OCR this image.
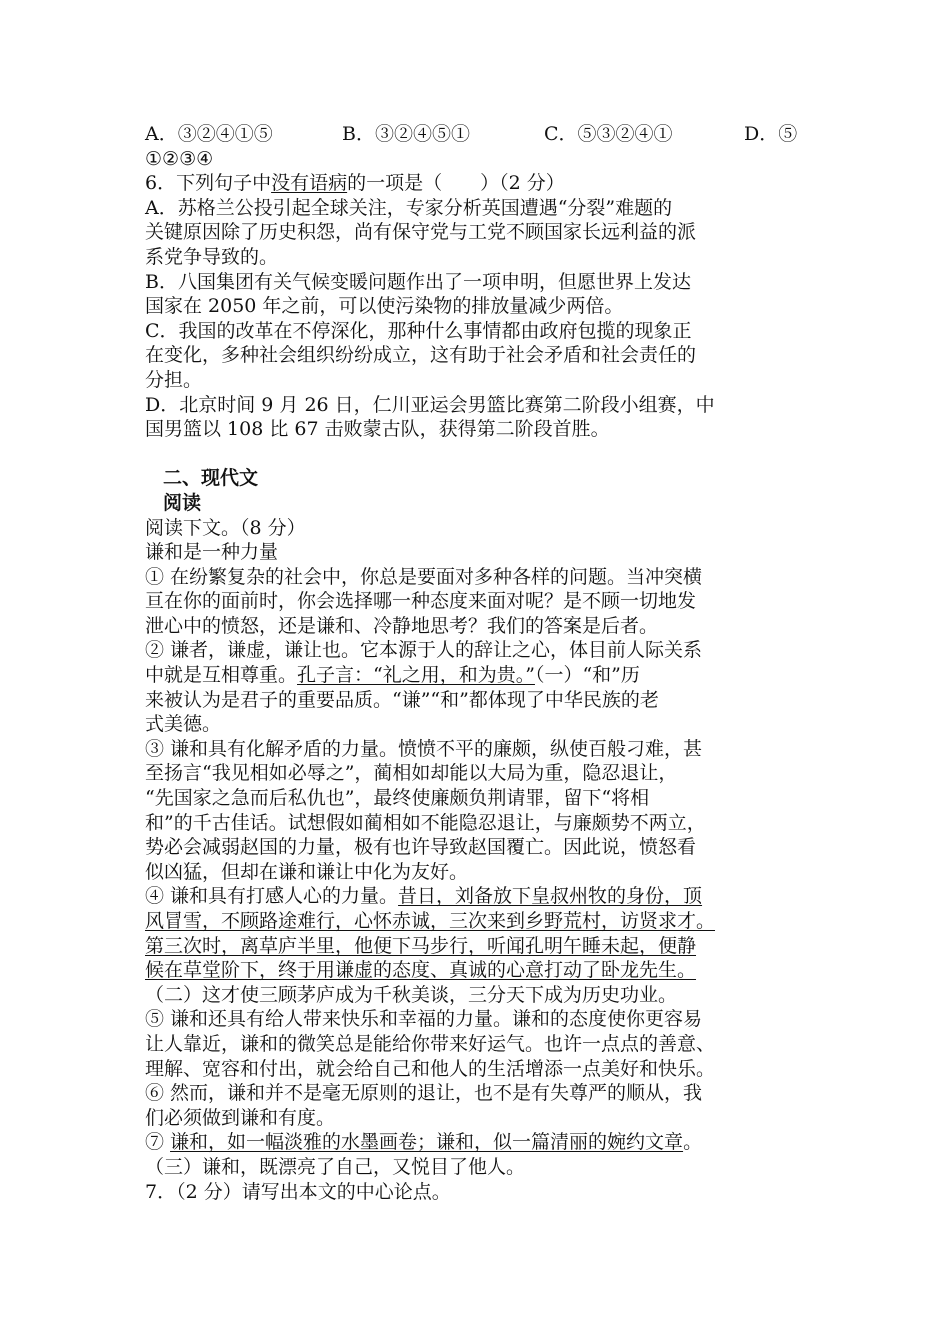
A．③②④①⑤	B．③②④⑤①	C．⑤③②④①	D．⑤
①②③④
6．下列句子中没有语病的一项是（　　）（2 分）
A．苏格兰公投引起全球关注，专家分析英国遭遇“分裂”难题的
关键原因除了历史积怨，尚有保守党与工党不顾国家长远利益的派
系党争导致的。
B．八国集团有关气候变暖问题作出了一项申明，但愿世界上发达
国家在 2050 年之前，可以使污染物的排放量减少两倍。
C．我国的改革在不停深化，那种什么事情都由政府包揽的现象正
在变化，多种社会组织纷纷成立，这有助于社会矛盾和社会责任的
分担。
D．北京时间 9 月 26 日，仁川亚运会男篮比赛第二阶段小组赛，中
国男篮以 108 比 67 击败蒙古队，获得第二阶段首胜。
二、现代文
阅读
阅读下文。（8 分）
谦和是一种力量
① 在纷繁复杂的社会中，你总是要面对多种各样的问题。当冲突横
亘在你的面前时，你会选择哪一种态度来面对呢？是不顾一切地发
泄心中的愤怒，还是谦和、冷静地思考？我们的答案是后者。
② 谦者，谦虚，谦让也。它本源于人的辞让之心，体目前人际关系
中就是互相尊重。孔子言：“礼之用，和为贵。”（一）“和”历
来被认为是君子的重要品质。“谦”“和”都体现了中华民族的老
式美德。
③ 谦和具有化解矛盾的力量。愤愤不平的廉颇，纵使百般刁难，甚
至扬言“我见相如必辱之”，蔺相如却能以大局为重，隐忍退让，
“先国家之急而后私仇也”，最终使廉颇负荆请罪，留下“将相
和”的千古佳话。试想假如蔺相如不能隐忍退让，与廉颇势不两立，
势必会减弱赵国的力量，极有也许导致赵国覆亡。因此说，愤怒看
似凶猛，但却在谦和谦让中化为友好。
④ 谦和具有打感人心的力量。昔日，刘备放下皇叔州牧的身份，顶
风冒雪，不顾路途难行，心怀赤诚，三次来到乡野荒村，访贤求才。
第三次时，离草庐半里，他便下马步行，听闻孔明午睡未起，便静
候在草堂阶下，终于用谦虚的态度、真诚的心意打动了卧龙先生。
（二）这才使三顾茅庐成为千秋美谈，三分天下成为历史功业。
⑤ 谦和还具有给人带来快乐和幸福的力量。谦和的态度使你更容易
让人靠近，谦和的微笑总是能给你带来好运气。也许一点点的善意、
理解、宽容和付出，就会给自己和他人的生活增添一点美好和快乐。
⑥ 然而，谦和并不是毫无原则的退让，也不是有失尊严的顺从，我
们必须做到谦和有度。
⑦ 谦和，如一幅淡雅的水墨画卷；谦和，似一篇清丽的婉约文章。
（三）谦和，既漂亮了自己，又悦目了他人。
7．（2 分）请写出本文的中心论点。
